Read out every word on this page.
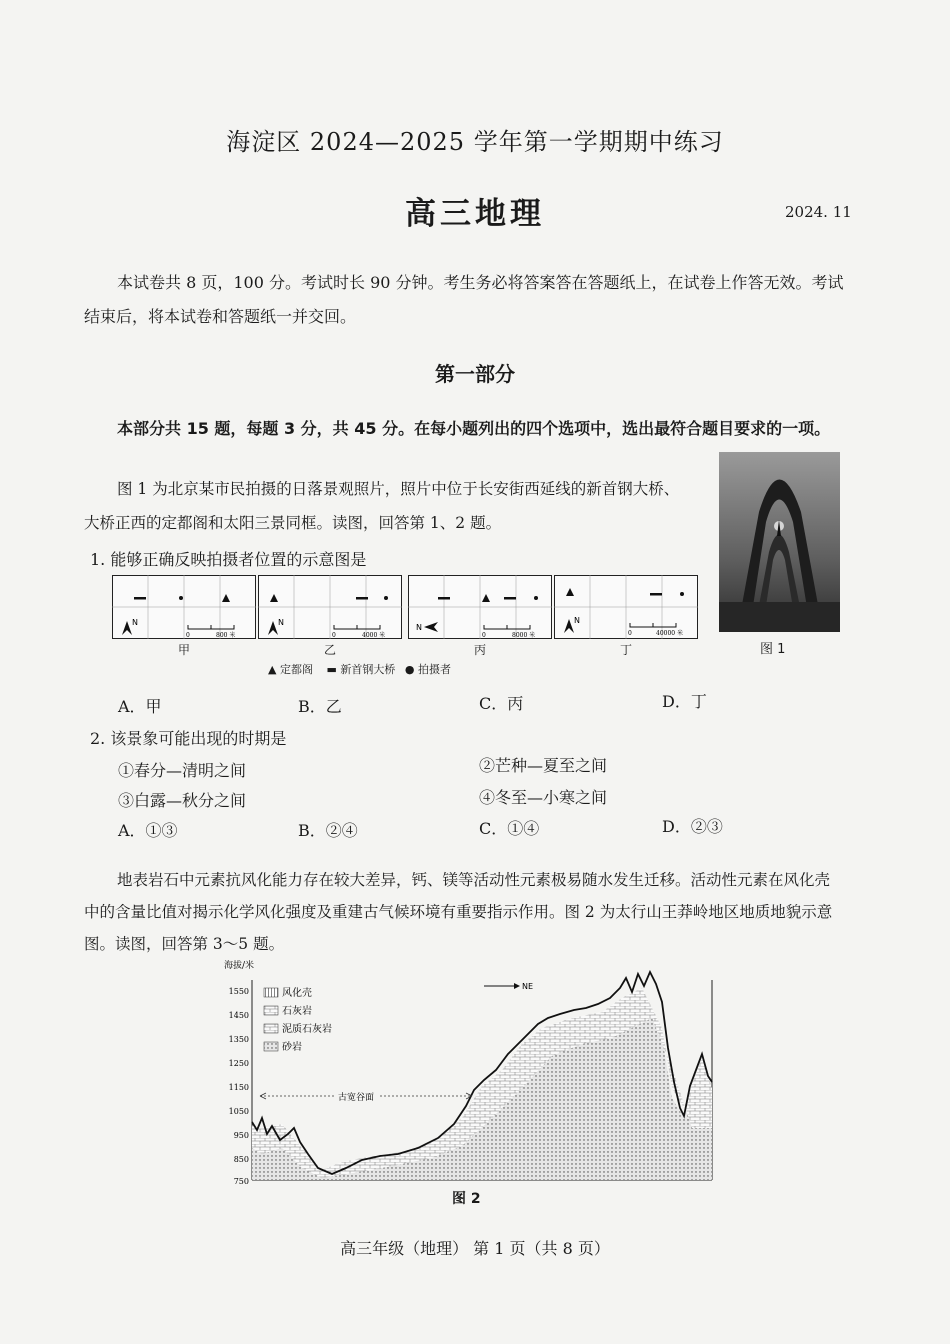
海淀区 2024—2025 学年第一学期期中练习
高三地理	2024. 11
本试卷共 8 页，100 分。考试时长 90 分钟。考生务必将答案答在答题纸上，在试卷上作答无效。考试结束后，将本试卷和答题纸一并交回。
第一部分
本部分共 15 题，每题 3 分，共 45 分。在每小题列出的四个选项中，选出最符合题目要求的一项。
图 1 为北京某市民拍摄的日落景观照片，照片中位于长安街西延线的新首钢大桥、大桥正西的定都阁和太阳三景同框。读图，回答第 1、2 题。
图 1
1. 能够正确反映拍摄者位置的示意图是
N
0	800 米
甲
N
0	4000 米
乙
N
0	8000 米
丙
N
0	40000 米
丁
▲ 定都阁 ▬ 新首钢大桥 ● 拍摄者
A．甲	B．乙	C．丙	D．丁
2. 该景象可能出现的时期是
①春分—清明之间	②芒种—夏至之间
③白露—秋分之间	④冬至—小寒之间
A．①③	B．②④	C．①④	D．②③
地表岩石中元素抗风化能力存在较大差异，钙、镁等活动性元素极易随水发生迁移。活动性元素在风化壳中的含量比值对揭示化学风化强度及重建古气候环境有重要指示作用。图 2 为太行山王莽岭地区地质地貌示意图。读图，回答第 3～5 题。
海拔/米
1550
1450
1350
1250
1150
1050
950
850
750
古宽谷面
NE
风化壳
石灰岩
泥质石灰岩
砂岩
图 2
高三年级（地理） 第 1 页（共 8 页）
